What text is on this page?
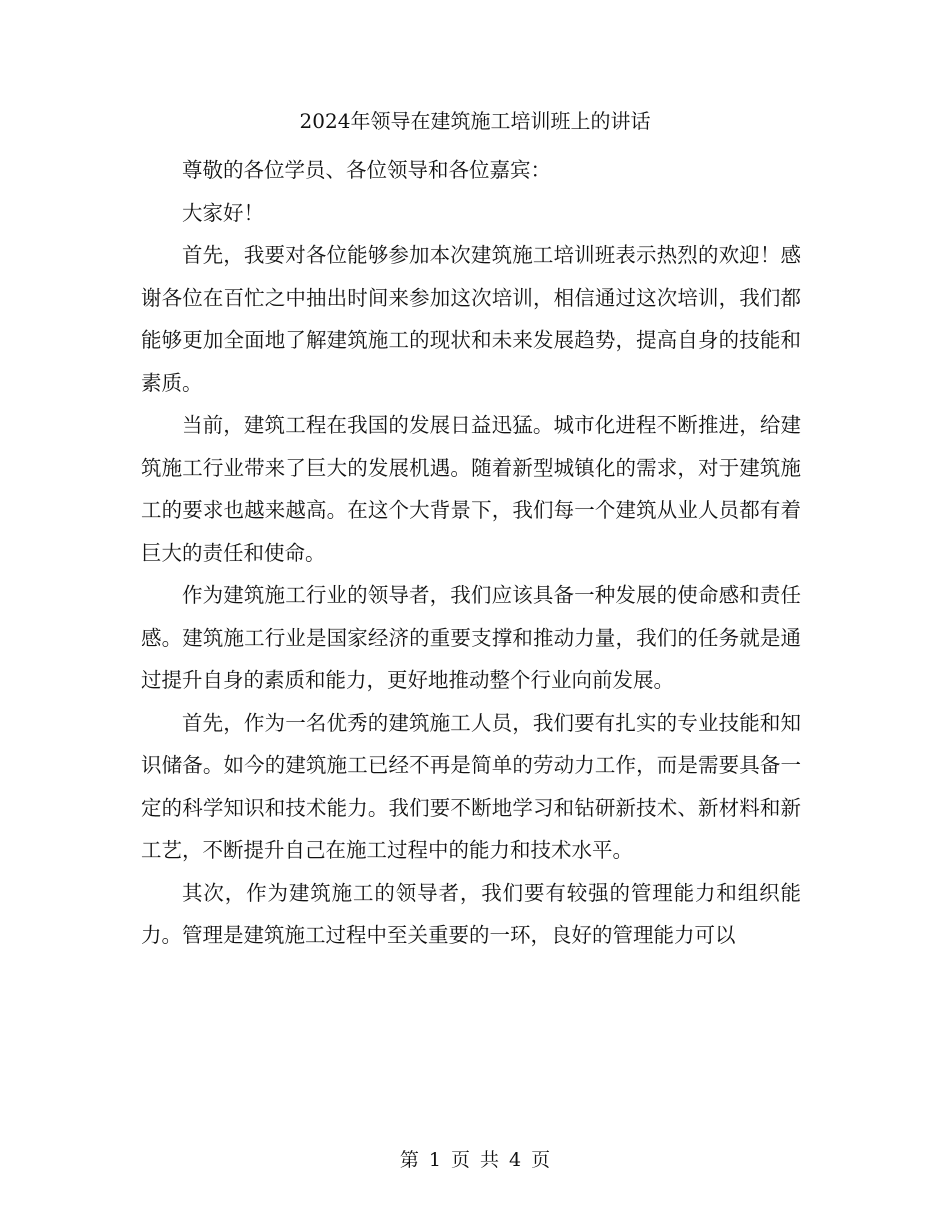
2024年领导在建筑施工培训班上的讲话

尊敬的各位学员、各位领导和各位嘉宾：

大家好！

首先，我要对各位能够参加本次建筑施工培训班表示热烈的欢迎！感谢各位在百忙之中抽出时间来参加这次培训，相信通过这次培训，我们都能够更加全面地了解建筑施工的现状和未来发展趋势，提高自身的技能和素质。

当前，建筑工程在我国的发展日益迅猛。城市化进程不断推进，给建筑施工行业带来了巨大的发展机遇。随着新型城镇化的需求，对于建筑施工的要求也越来越高。在这个大背景下，我们每一个建筑从业人员都有着巨大的责任和使命。

作为建筑施工行业的领导者，我们应该具备一种发展的使命感和责任感。建筑施工行业是国家经济的重要支撑和推动力量，我们的任务就是通过提升自身的素质和能力，更好地推动整个行业向前发展。

首先，作为一名优秀的建筑施工人员，我们要有扎实的专业技能和知识储备。如今的建筑施工已经不再是简单的劳动力工作，而是需要具备一定的科学知识和技术能力。我们要不断地学习和钻研新技术、新材料和新工艺，不断提升自己在施工过程中的能力和技术水平。

其次，作为建筑施工的领导者，我们要有较强的管理能力和组织能力。管理是建筑施工过程中至关重要的一环，良好的管理能力可以

第 1 页 共 4 页
